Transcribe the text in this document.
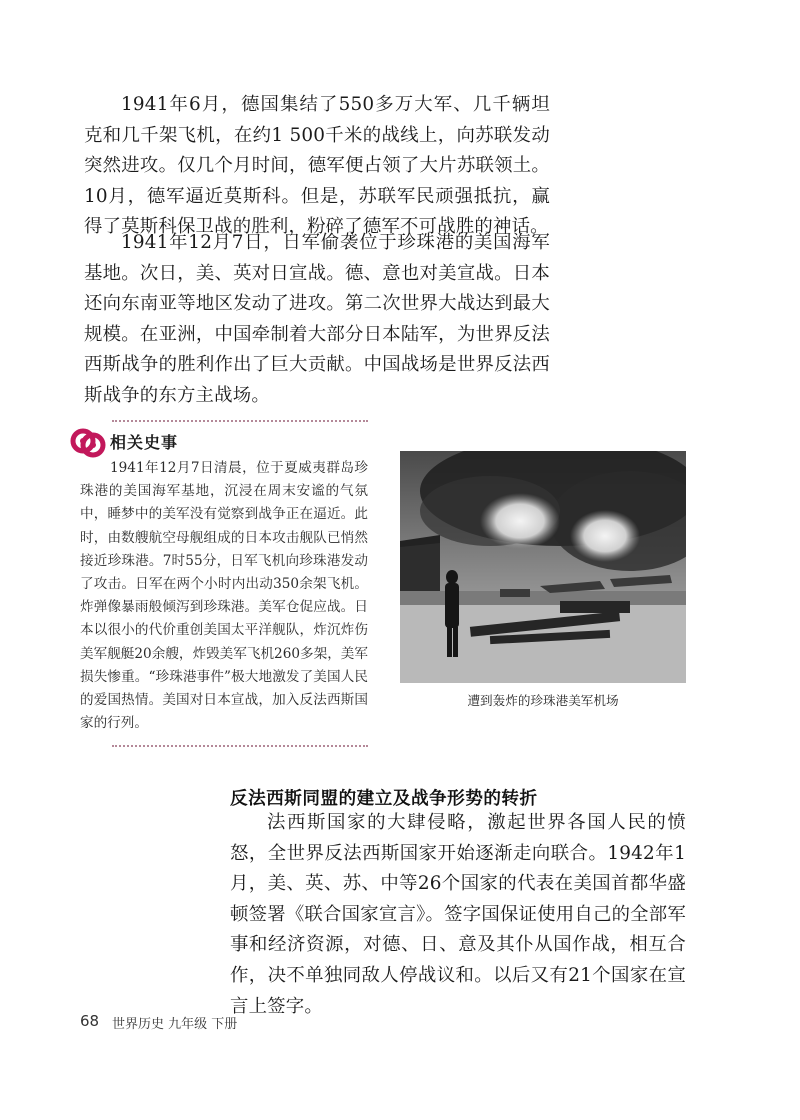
1941年6月，德国集结了550多万大军、几千辆坦克和几千架飞机，在约1 500千米的战线上，向苏联发动突然进攻。仅几个月时间，德军便占领了大片苏联领土。10月，德军逼近莫斯科。但是，苏联军民顽强抵抗，赢得了莫斯科保卫战的胜利，粉碎了德军不可战胜的神话。

1941年12月7日，日军偷袭位于珍珠港的美国海军基地。次日，美、英对日宣战。德、意也对美宣战。日本还向东南亚等地区发动了进攻。第二次世界大战达到最大规模。在亚洲，中国牵制着大部分日本陆军，为世界反法西斯战争的胜利作出了巨大贡献。中国战场是世界反法西斯战争的东方主战场。

相关史事

1941年12月7日清晨，位于夏威夷群岛珍珠港的美国海军基地，沉浸在周末安谧的气氛中，睡梦中的美军没有觉察到战争正在逼近。此时，由数艘航空母舰组成的日本攻击舰队已悄然接近珍珠港。7时55分，日军飞机向珍珠港发动了攻击。日军在两个小时内出动350余架飞机。炸弹像暴雨般倾泻到珍珠港。美军仓促应战。日本以很小的代价重创美国太平洋舰队，炸沉炸伤美军舰艇20余艘，炸毁美军飞机260多架，美军损失惨重。“珍珠港事件”极大地激发了美国人民的爱国热情。美国对日本宣战，加入反法西斯国家的行列。

遭到轰炸的珍珠港美军机场
反法西斯同盟的建立及战争形势的转折

法西斯国家的大肆侵略，激起世界各国人民的愤怒，全世界反法西斯国家开始逐渐走向联合。1942年1月，美、英、苏、中等26个国家的代表在美国首都华盛顿签署《联合国家宣言》。签字国保证使用自己的全部军事和经济资源，对德、日、意及其仆从国作战，相互合作，决不单独同敌人停战议和。以后又有21个国家在宣言上签字。

68 世界历史 九年级 下册
